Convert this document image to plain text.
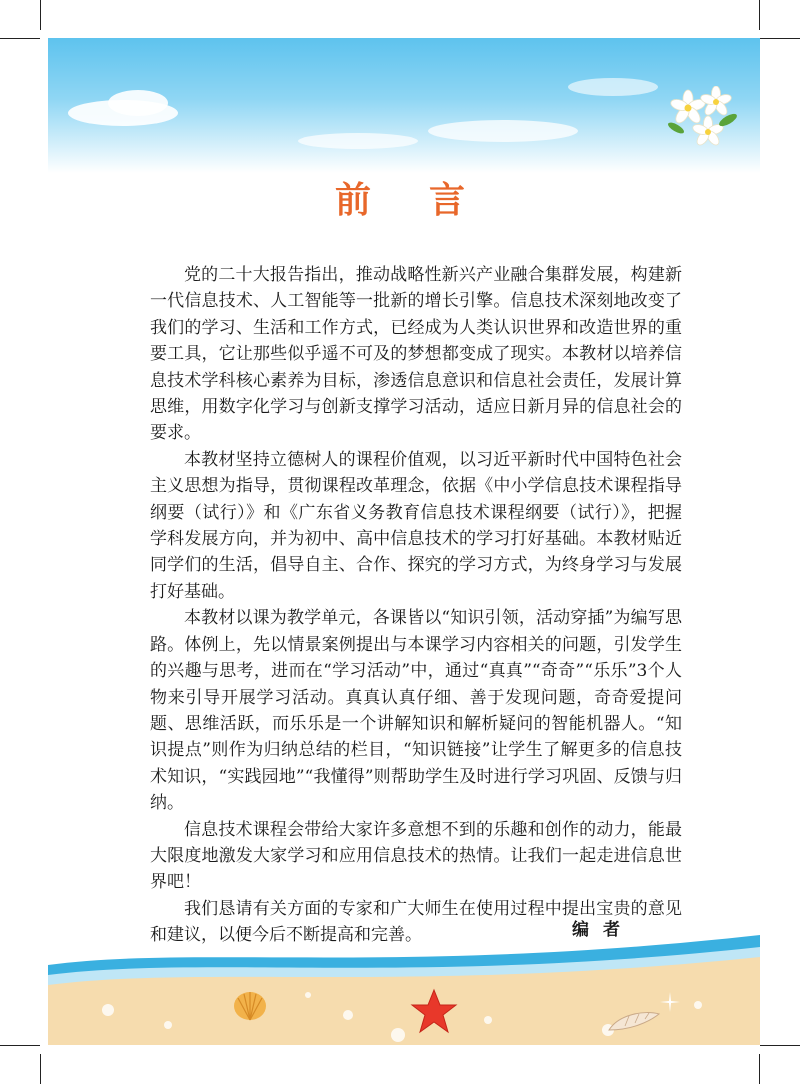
前言

党的二十大报告指出，推动战略性新兴产业融合集群发展，构建新一代信息技术、人工智能等一批新的增长引擎。信息技术深刻地改变了我们的学习、生活和工作方式，已经成为人类认识世界和改造世界的重要工具，它让那些似乎遥不可及的梦想都变成了现实。本教材以培养信息技术学科核心素养为目标，渗透信息意识和信息社会责任，发展计算思维，用数字化学习与创新支撑学习活动，适应日新月异的信息社会的要求。

本教材坚持立德树人的课程价值观，以习近平新时代中国特色社会主义思想为指导，贯彻课程改革理念，依据《中小学信息技术课程指导纲要（试行）》和《广东省义务教育信息技术课程纲要（试行）》，把握学科发展方向，并为初中、高中信息技术的学习打好基础。本教材贴近同学们的生活，倡导自主、合作、探究的学习方式，为终身学习与发展打好基础。

本教材以课为教学单元，各课皆以“知识引领，活动穿插”为编写思路。体例上，先以情景案例提出与本课学习内容相关的问题，引发学生的兴趣与思考，进而在“学习活动”中，通过“真真”“奇奇”“乐乐”3个人物来引导开展学习活动。真真认真仔细、善于发现问题，奇奇爱提问题、思维活跃，而乐乐是一个讲解知识和解析疑问的智能机器人。“知识提点”则作为归纳总结的栏目，“知识链接”让学生了解更多的信息技术知识，“实践园地”“我懂得”则帮助学生及时进行学习巩固、反馈与归纳。

信息技术课程会带给大家许多意想不到的乐趣和创作的动力，能最大限度地激发大家学习和应用信息技术的热情。让我们一起走进信息世界吧！

我们恳请有关方面的专家和广大师生在使用过程中提出宝贵的意见和建议，以便今后不断提高和完善。	编者
